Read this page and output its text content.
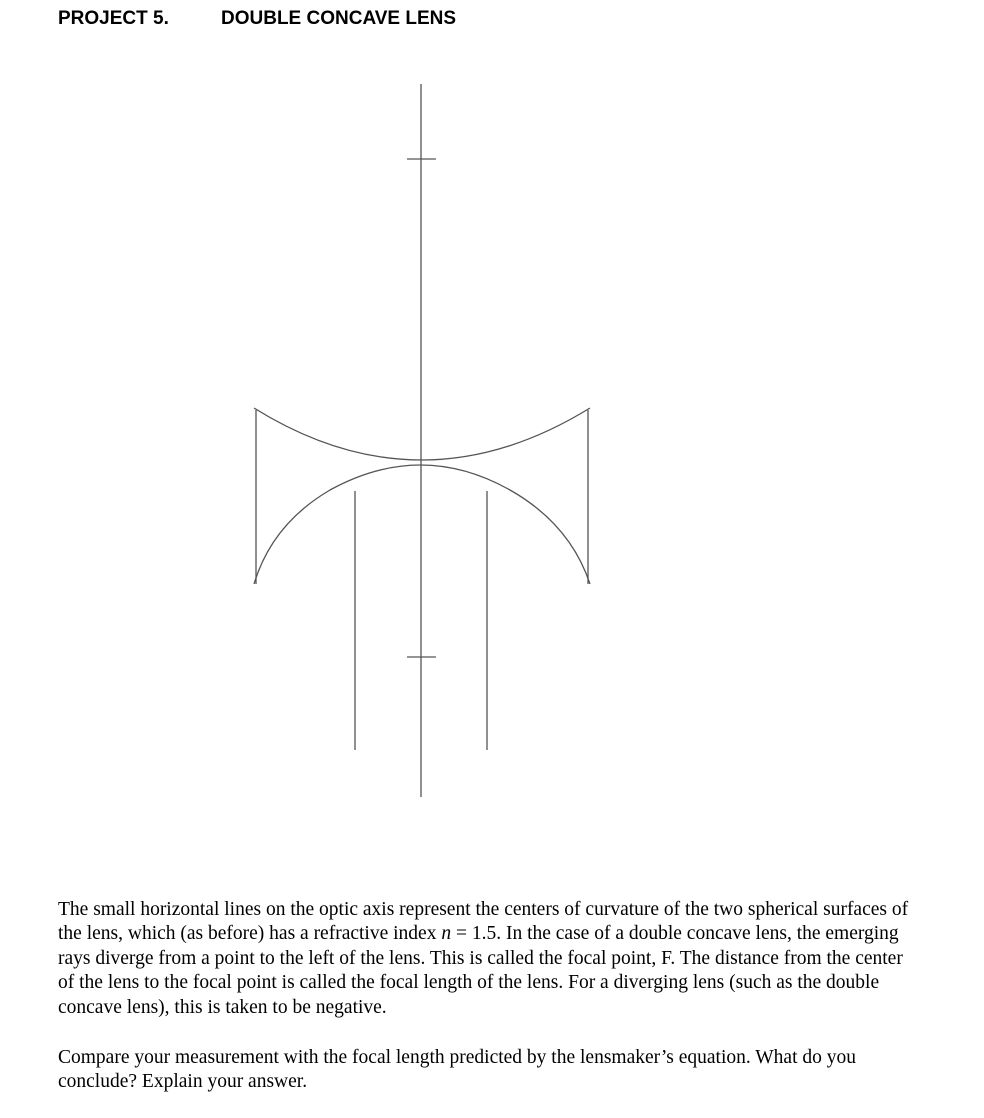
PROJECT 5.	DOUBLE CONCAVE LENS

The small horizontal lines on the optic axis represent the centers of curvature of the two spherical surfaces of the lens, which (as before) has a refractive index n = 1.5. In the case of a double concave lens, the emerging rays diverge from a point to the left of the lens. This is called the focal point, F. The distance from the center of the lens to the focal point is called the focal length of the lens. For a diverging lens (such as the double concave lens), this is taken to be negative.

Compare your measurement with the focal length predicted by the lensmaker’s equation. What do you conclude? Explain your answer.
